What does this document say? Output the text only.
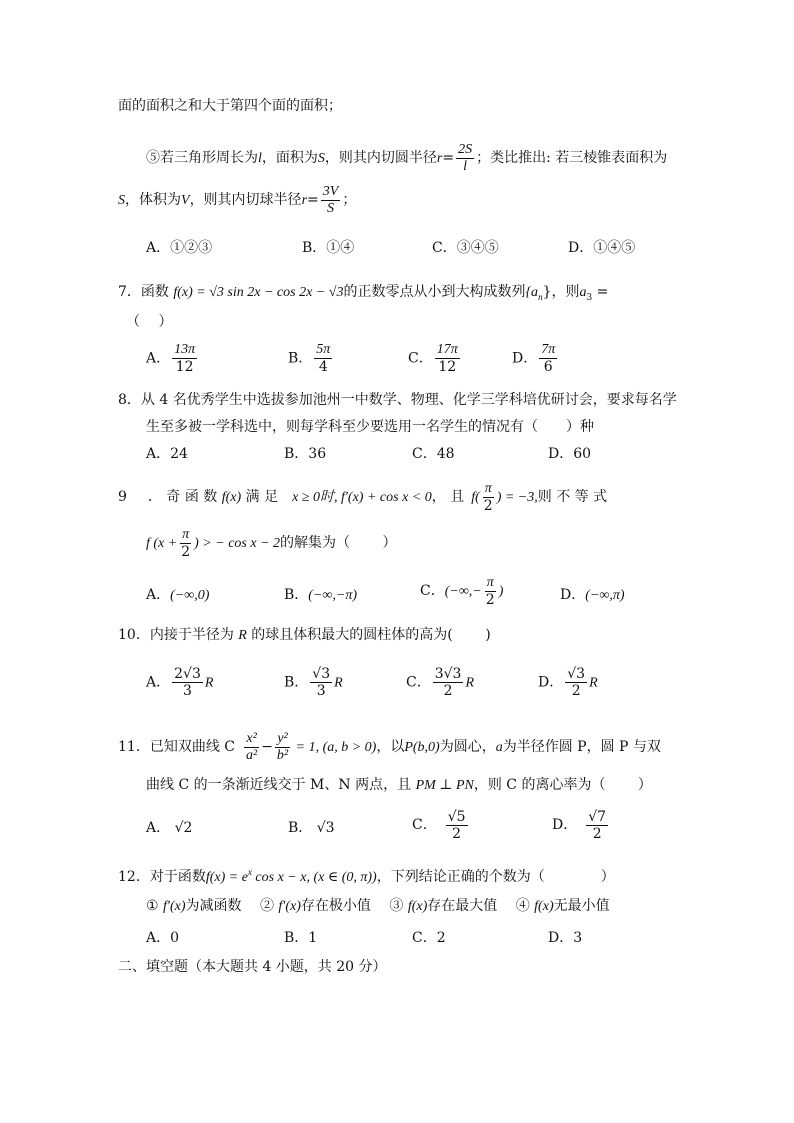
面的面积之和大于第四个面的面积；
⑤若三角形周长为l，面积为S，则其内切圆半径$r= \frac{2S}{l}$ ；类比推出: 若三棱锥表面积为
S，体积为V，则其内切球半径$r= \frac{3V}{S}$ ；
A．①②③	B．①④	C．③④⑤	D．①④⑤
7．函数 f(x) = √3 sin 2x − cos 2x − √3的正数零点从小到大构成数列$\{a_n\}$，则$a_3$ =
（　 ）
A． $\frac{13\pi}{12}$	B． $\frac{5\pi}{4}$	C． $\frac{17\pi}{12}$	D． $\frac{7\pi}{6}$
8．从 4 名优秀学生中选拔参加池州一中数学、物理、化学三学科培优研讨会，要求每名学
生至多被一学科选中，则每学科至少要选用一名学生的情况有（　　）种
A．24	B．36	C．48	D．60
9   ． 奇 函 数 f(x) 满 足  x ≥ 0时, f′(x) + cos x < 0， 且  $f( \frac{\pi}{2}$ ) = −3,则 不 等 式
f ($x + \frac{\pi}{2}$ ) > − cos x − 2的解集为（　　 ）
A．(−∞,0)	B．(−∞,−π)	C．(−∞,− $\frac{\pi}{2}$ )	D．(−∞,π)
10．内接于半径为 R 的球且体积最大的圆柱体的高为(　　 )
A． $\frac{2√3}{3}$ R	B． $\frac{√3}{3}$ R	C． $\frac{3√3}{2}$ R	D． $\frac{√3}{2}$ R
11．已知双曲线 C  $\frac{\text{x²}}{\text{a²}} - \frac{\text{y²}}{\text{b²}} = 1$, (a, b > 0)，以P(b,0)为圆心，a为半径作圆 P，圆 P 与双
曲线 C 的一条渐近线交于 M、N 两点，且 PM ⊥ PN，则 C 的离心率为（　　 ）
A． √2	B． √3	C．  $\frac{√5}{2}$	D．  $\frac{√7}{2}$
12．对于函数$f(x) = e^x$ cos x − x, (x ∈ (0, π))，下列结论正确的个数为（　　　　）
① f′(x)为减函数  ② f′(x)存在极小值  ③ f(x)存在最大值  ④ f(x)无最小值
A．0	B．1	C．2	D．3
二、填空题（本大题共 4 小题，共 20 分）
